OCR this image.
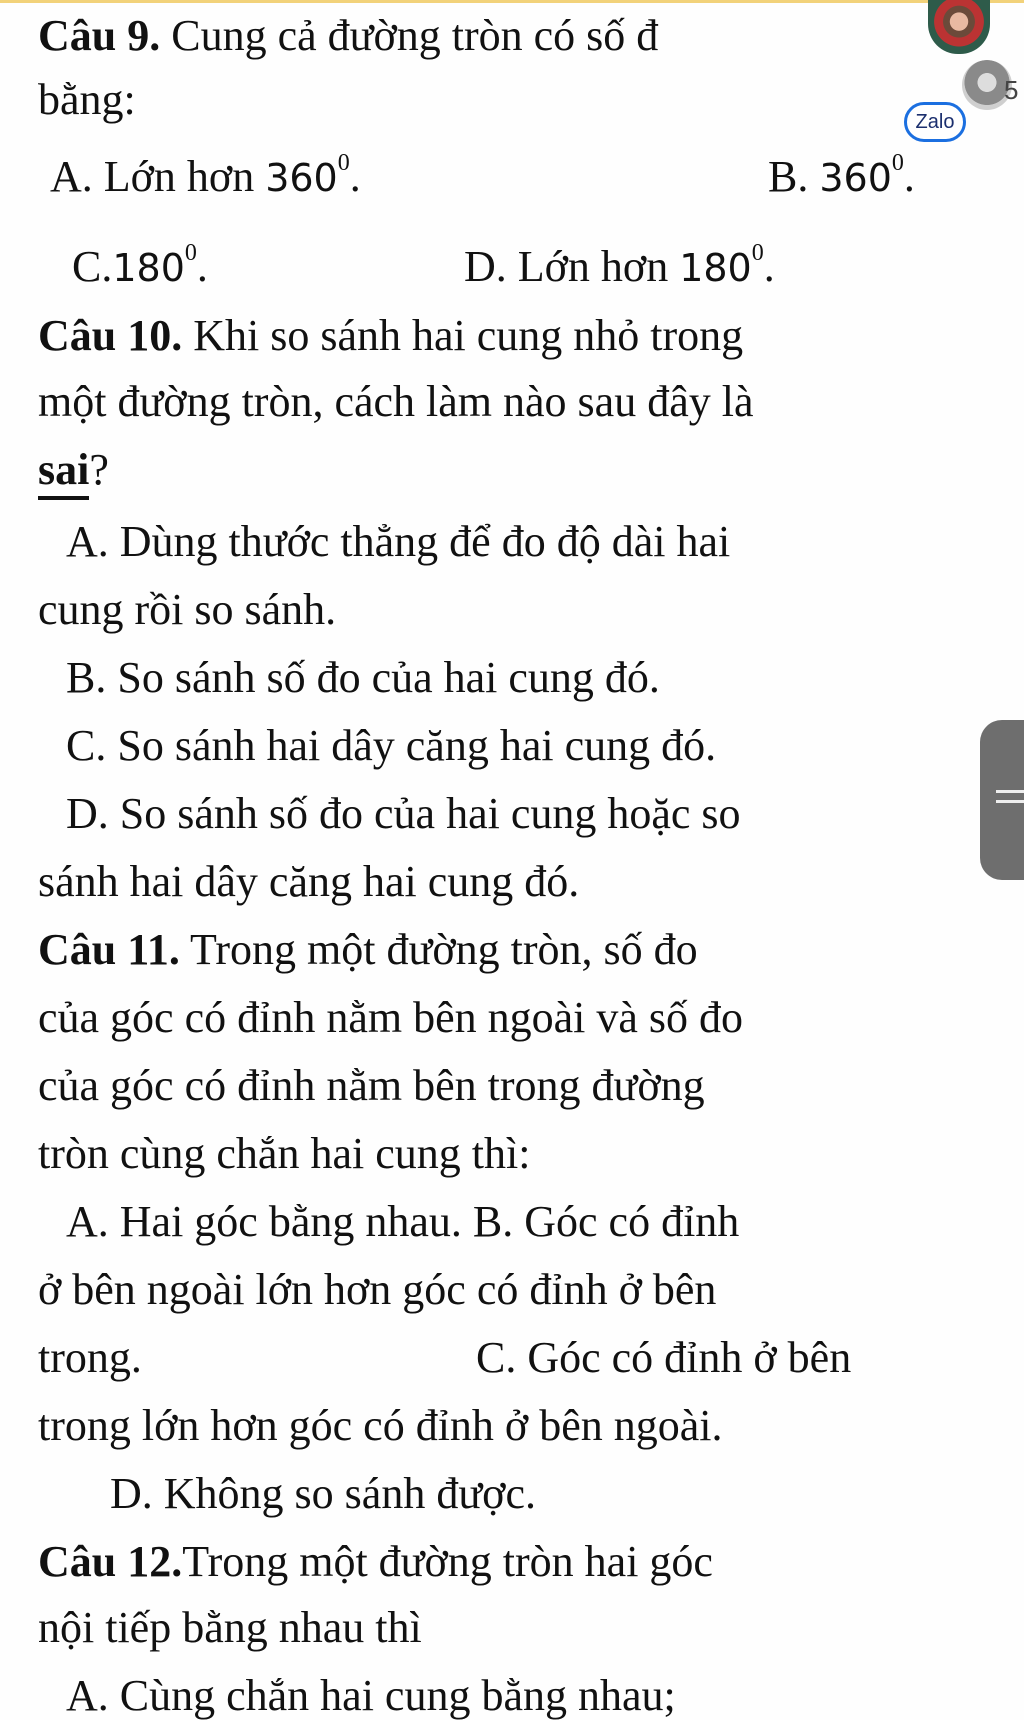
Câu 9. Cung cả đường tròn có số đ
bằng:
A. Lớn hơn $360^0$.	B. $360^0$.
C.180$^0$.	D. Lớn hơn $180^0$.
Câu 10. Khi so sánh hai cung nhỏ trong
một đường tròn, cách làm nào sau đây là
sai?
A. Dùng thước thẳng để đo độ dài hai
cung rồi so sánh.
B. So sánh số đo của hai cung đó.
C. So sánh hai dây căng hai cung đó.
D. So sánh số đo của hai cung hoặc so
sánh hai dây căng hai cung đó.
Câu 11. Trong một đường tròn, số đo
của góc có đỉnh nằm bên ngoài và số đo
của góc có đỉnh nằm bên trong đường
tròn cùng chắn hai cung thì:
A. Hai góc bằng nhau. B. Góc có đỉnh
ở bên ngoài lớn hơn góc có đỉnh ở bên
trong.	C. Góc có đỉnh ở bên
trong lớn hơn góc có đỉnh ở bên ngoài.
D. Không so sánh được.
Câu 12.Trong một đường tròn hai góc
nội tiếp bằng nhau thì
A. Cùng chắn hai cung bằng nhau;
5
Zalo
